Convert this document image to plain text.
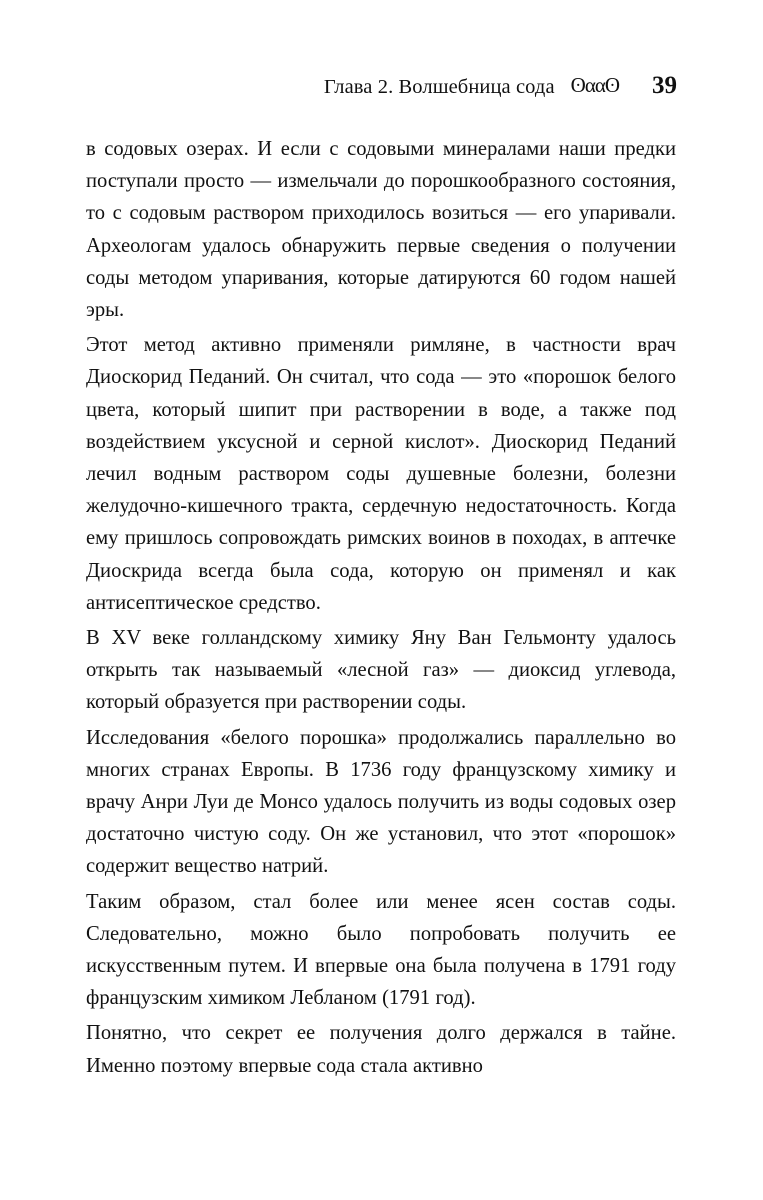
Глава 2. Волшебница сода ʘααʘ	39

в содовых озерах. И если с содовыми минералами наши предки поступали просто — измельчали до порошкообразного состояния, то с содовым раствором приходилось возиться — его упаривали. Археологам удалось обнаружить первые сведения о получении соды методом упаривания, которые датируются 60 годом нашей эры.

Этот метод активно применяли римляне, в частности врач Диоскорид Педаний. Он считал, что сода — это «порошок белого цвета, который шипит при растворении в воде, а также под воздействием уксусной и серной кислот». Диоскорид Педаний лечил водным раствором соды душевные болезни, болезни желудочно-кишечного тракта, сердечную недостаточность. Когда ему пришлось сопровождать римских воинов в походах, в аптечке Диоскрида всегда была сода, которую он применял и как антисептическое средство.

В XV веке голландскому химику Яну Ван Гельмонту удалось открыть так называемый «лесной газ» — диоксид углевода, который образуется при растворении соды.

Исследования «белого порошка» продолжались параллельно во многих странах Европы. В 1736 году французскому химику и врачу Анри Луи де Монсо удалось получить из воды содовых озер достаточно чистую соду. Он же установил, что этот «порошок» содержит вещество натрий.

Таким образом, стал более или менее ясен состав соды. Следовательно, можно было попробовать получить ее искусственным путем. И впервые она была получена в 1791 году французским химиком Лебланом (1791 год).

Понятно, что секрет ее получения долго держался в тайне. Именно поэтому впервые сода стала активно
